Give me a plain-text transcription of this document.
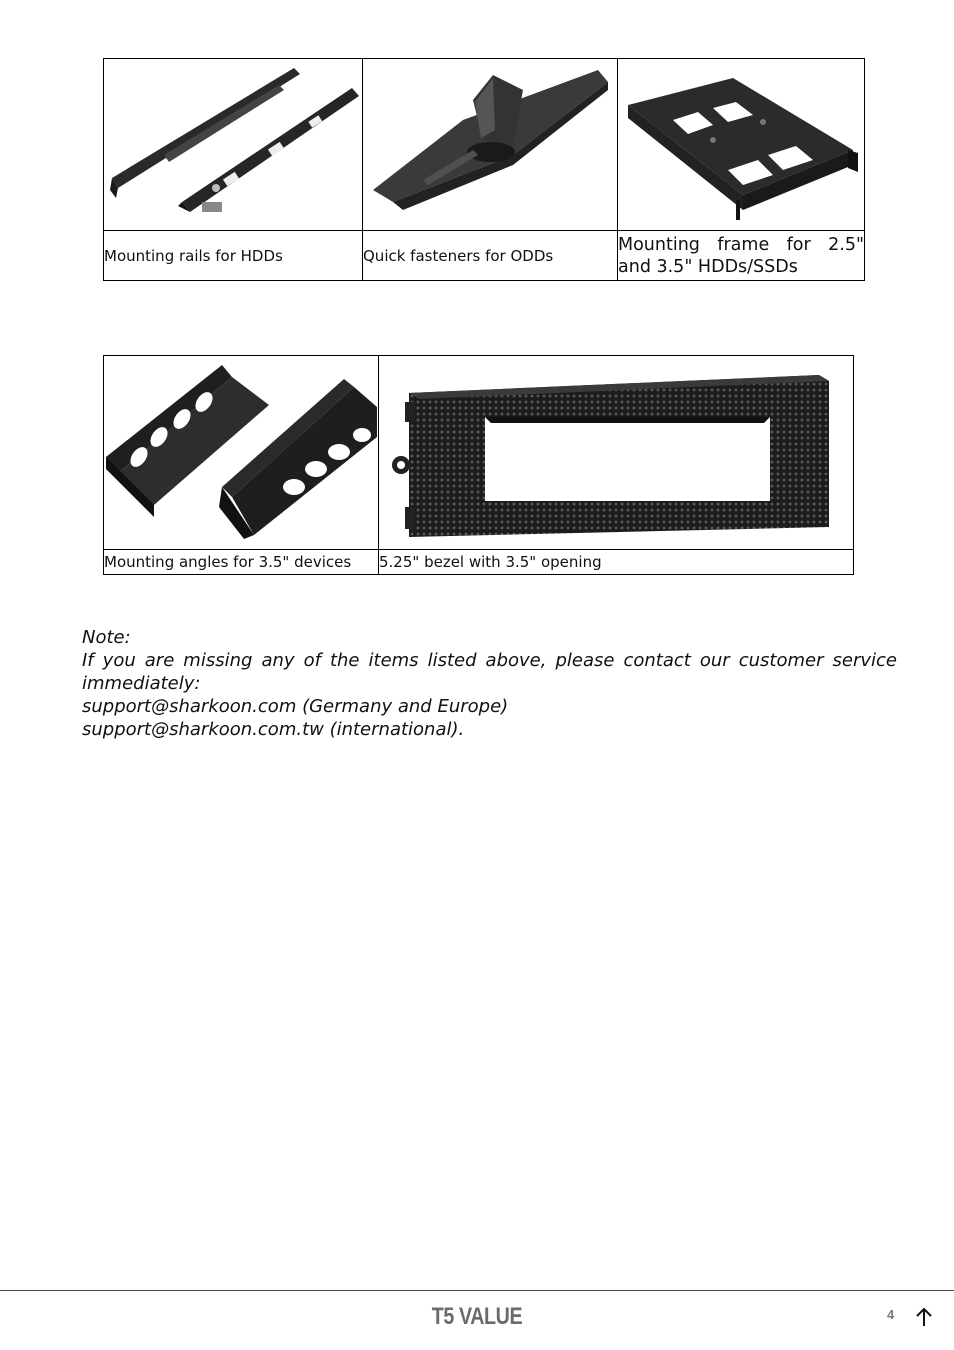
Mounting rails for HDDs	Quick fasteners for ODDs	Mounting frame for 2.5" and 3.5" HDDs/SSDs

Mounting angles for 3.5" devices	5.25" bezel with 3.5" opening

Note:

If you are missing any of the items listed above, please contact our customer service

immediately:

support@sharkoon.com (Germany and Europe)

support@sharkoon.com.tw (international).

T5 VALUE	4
